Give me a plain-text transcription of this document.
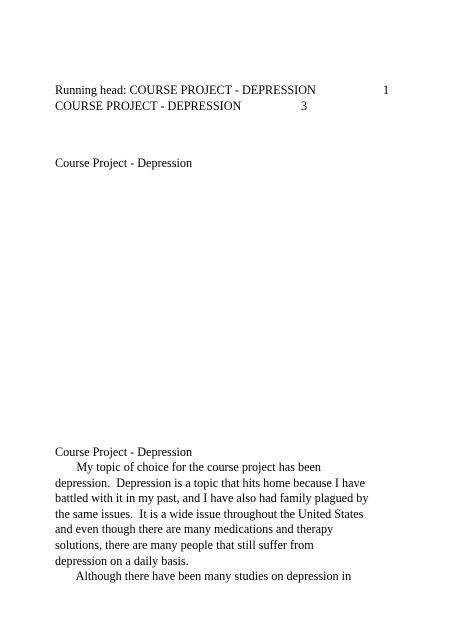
Running head: COURSE PROJECT - DEPRESSION	1
COURSE PROJECT - DEPRESSION	3
Course Project - Depression
Course Project - Depression
My topic of choice for the course project has been
depression.  Depression is a topic that hits home because I have
battled with it in my past, and I have also had family plagued by
the same issues.  It is a wide issue throughout the United States
and even though there are many medications and therapy
solutions, there are many people that still suffer from
depression on a daily basis.
Although there have been many studies on depression in
